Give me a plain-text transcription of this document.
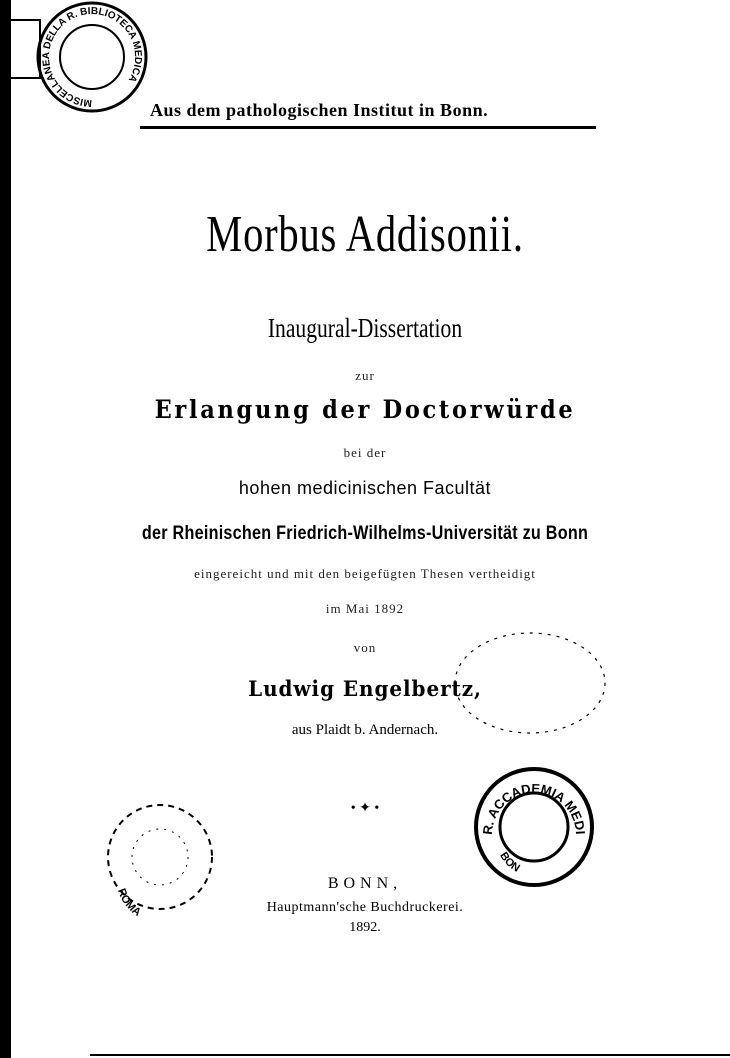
MISCELLANEA DELLA R. BIBLIOTECA MEDICA
Aus dem pathologischen Institut in Bonn.
Morbus Addisonii.
Inaugural-Dissertation
zur
Erlangung der Doctorwürde
bei der
hohen medicinischen Facultät
der Rheinischen Friedrich-Wilhelms-Universität zu Bonn
eingereicht und mit den beigefügten Thesen vertheidigt
im Mai 1892
von
Ludwig Engelbertz,
aus Plaidt b. Andernach.
• ✦ •
R. ACCADEMIA MEDICA
BON
ROMA
BONN,
Hauptmann'sche Buchdruckerei.
1892.
